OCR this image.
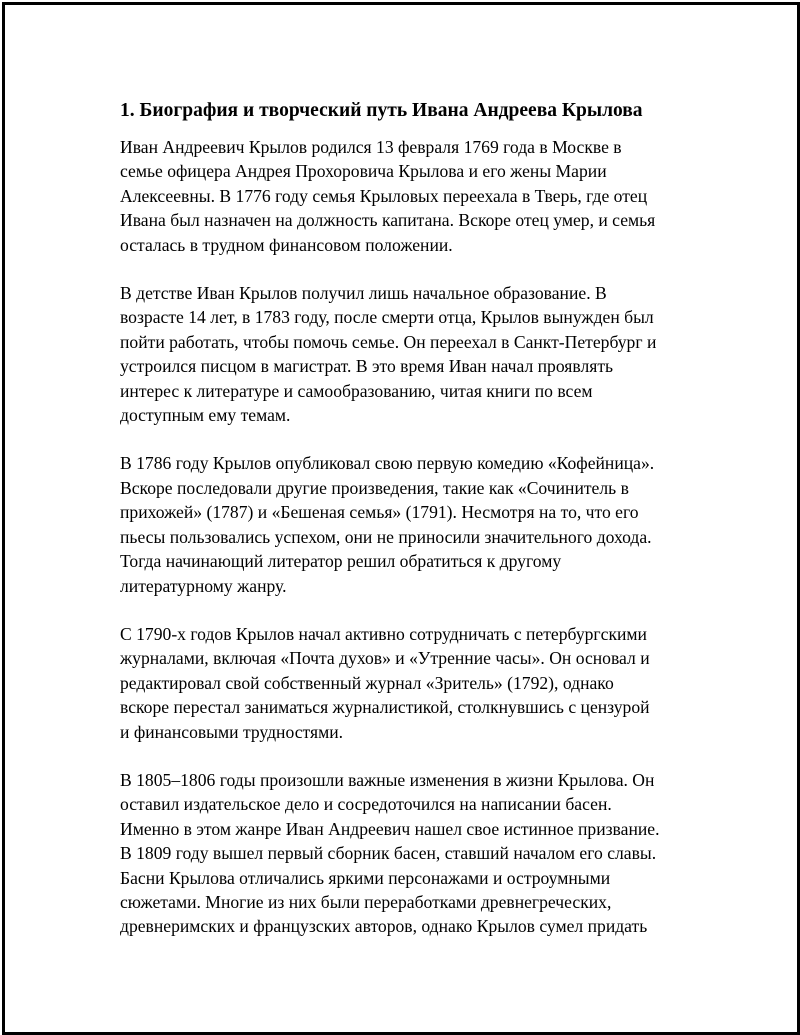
1. Биография и творческий путь Ивана Андреева Крылова

Иван Андреевич Крылов родился 13 февраля 1769 года в Москве в
семье офицера Андрея Прохоровича Крылова и его жены Марии
Алексеевны. В 1776 году семья Крыловых переехала в Тверь, где отец
Ивана был назначен на должность капитана. Вскоре отец умер, и семья
осталась в трудном финансовом положении.

В детстве Иван Крылов получил лишь начальное образование. В
возрасте 14 лет, в 1783 году, после смерти отца, Крылов вынужден был
пойти работать, чтобы помочь семье. Он переехал в Санкт-Петербург и
устроился писцом в магистрат. В это время Иван начал проявлять
интерес к литературе и самообразованию, читая книги по всем
доступным ему темам.

В 1786 году Крылов опубликовал свою первую комедию «Кофейница».
Вскоре последовали другие произведения, такие как «Сочинитель в
прихожей» (1787) и «Бешеная семья» (1791). Несмотря на то, что его
пьесы пользовались успехом, они не приносили значительного дохода.
Тогда начинающий литератор решил обратиться к другому
литературному жанру.

С 1790-х годов Крылов начал активно сотрудничать с петербургскими
журналами, включая «Почта духов» и «Утренние часы». Он основал и
редактировал свой собственный журнал «Зритель» (1792), однако
вскоре перестал заниматься журналистикой, столкнувшись с цензурой
и финансовыми трудностями.

В 1805–1806 годы произошли важные изменения в жизни Крылова. Он
оставил издательское дело и сосредоточился на написании басен.
Именно в этом жанре Иван Андреевич нашел свое истинное призвание.
В 1809 году вышел первый сборник басен, ставший началом его славы.
Басни Крылова отличались яркими персонажами и остроумными
сюжетами. Многие из них были переработками древнегреческих,
древнеримских и французских авторов, однако Крылов сумел придать
